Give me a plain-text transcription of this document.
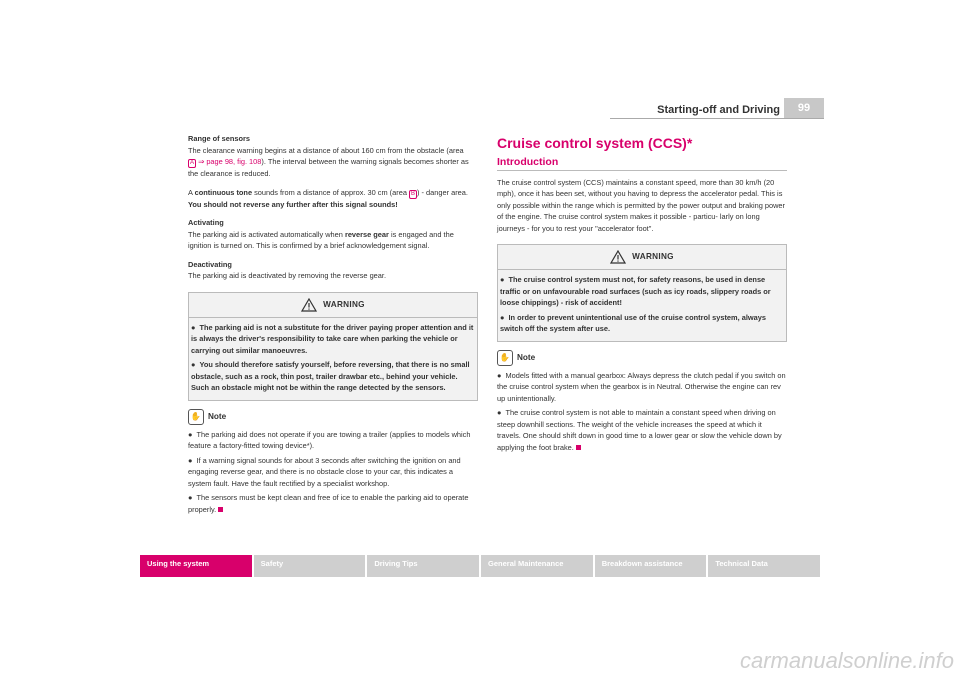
Starting-off and Driving	99

Range of sensors
The clearance warning begins at a distance of about 160 cm from the obstacle (area
A ⇒ page 98, fig. 108). The interval between the warning signals becomes shorter as the clearance is reduced.

A continuous tone sounds from a distance of approx. 30 cm (area B ) - danger area. You should not reverse any further after this signal sounds!

Activating
The parking aid is activated automatically when reverse gear is engaged and the ignition is turned on. This is confirmed by a brief acknowledgement signal.

Deactivating
The parking aid is deactivated by removing the reverse gear.

WARNING
● The parking aid is not a substitute for the driver paying proper attention and it is always the driver's responsibility to take care when parking the vehicle or carrying out similar manoeuvres.
● You should therefore satisfy yourself, before reversing, that there is no small obstacle, such as a rock, thin post, trailer drawbar etc., behind your vehicle. Such an obstacle might not be within the range detected by the sensors.
✋ Note
● The parking aid does not operate if you are towing a trailer (applies to models which feature a factory-fitted towing device*).
● If a warning signal sounds for about 3 seconds after switching the ignition on and engaging reverse gear, and there is no obstacle close to your car, this indicates a system fault. Have the fault rectified by a specialist workshop.
● The sensors must be kept clean and free of ice to enable the parking aid to operate properly.
Cruise control system (CCS)*
Introduction

The cruise control system (CCS) maintains a constant speed, more than 30 km/h (20 mph), once it has been set, without you having to depress the accelerator pedal. This is only possible within the range which is permitted by the power output and braking power of the engine. The cruise control system makes it possible - particu- larly on long journeys - for you to rest your "accelerator foot".

WARNING
● The cruise control system must not, for safety reasons, be used in dense traffic or on unfavourable road surfaces (such as icy roads, slippery roads or loose chippings) - risk of accident!
● In order to prevent unintentional use of the cruise control system, always switch off the system after use.
✋ Note
● Models fitted with a manual gearbox: Always depress the clutch pedal if you switch on the cruise control system when the gearbox is in Neutral. Otherwise the engine can rev up unintentionally.
● The cruise control system is not able to maintain a constant speed when driving on steep downhill sections. The weight of the vehicle increases the speed at which it travels. One should shift down in good time to a lower gear or slow the vehicle down by applying the foot brake.
Using the system	Safety	Driving Tips	General Maintenance	Breakdown assistance	Technical Data
carmanualsonline.info
